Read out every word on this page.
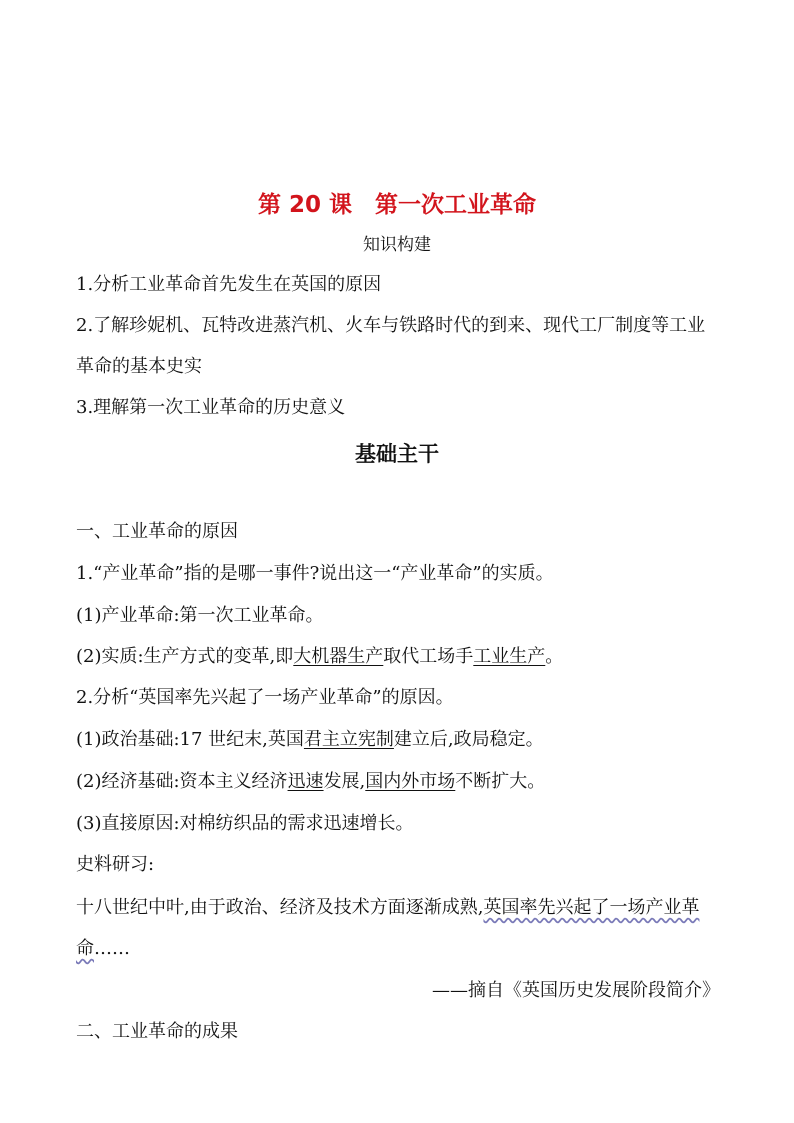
第 20 课　第一次工业革命
知识构建
1.分析工业革命首先发生在英国的原因
2.了解珍妮机、瓦特改进蒸汽机、火车与铁路时代的到来、现代工厂制度等工业
革命的基本史实
3.理解第一次工业革命的历史意义
基础主干
一、工业革命的原因
1.“产业革命”指的是哪一事件?说出这一“产业革命”的实质。
(1)产业革命:第一次工业革命。
(2)实质:生产方式的变革,即大机器生产取代工场手工业生产。
2.分析“英国率先兴起了一场产业革命”的原因。
(1)政治基础:17 世纪末,英国君主立宪制建立后,政局稳定。
(2)经济基础:资本主义经济迅速发展,国内外市场不断扩大。
(3)直接原因:对棉纺织品的需求迅速增长。
史料研习:
十八世纪中叶,由于政治、经济及技术方面逐渐成熟,英国率先兴起了一场产业革
命……
——摘自《英国历史发展阶段简介》
二、工业革命的成果
